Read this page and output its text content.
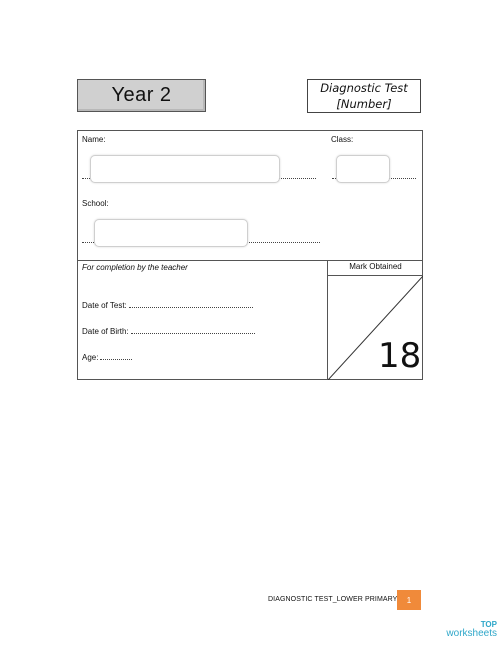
Year 2	Diagnostic Test
[Number]
Name:	Class:
School:
For completion by the teacher	Mark Obtained
Date of Test:
Date of Birth:
Age:	18
DIAGNOSTIC TEST_LOWER PRIMARY 1
TOP
worksheets
